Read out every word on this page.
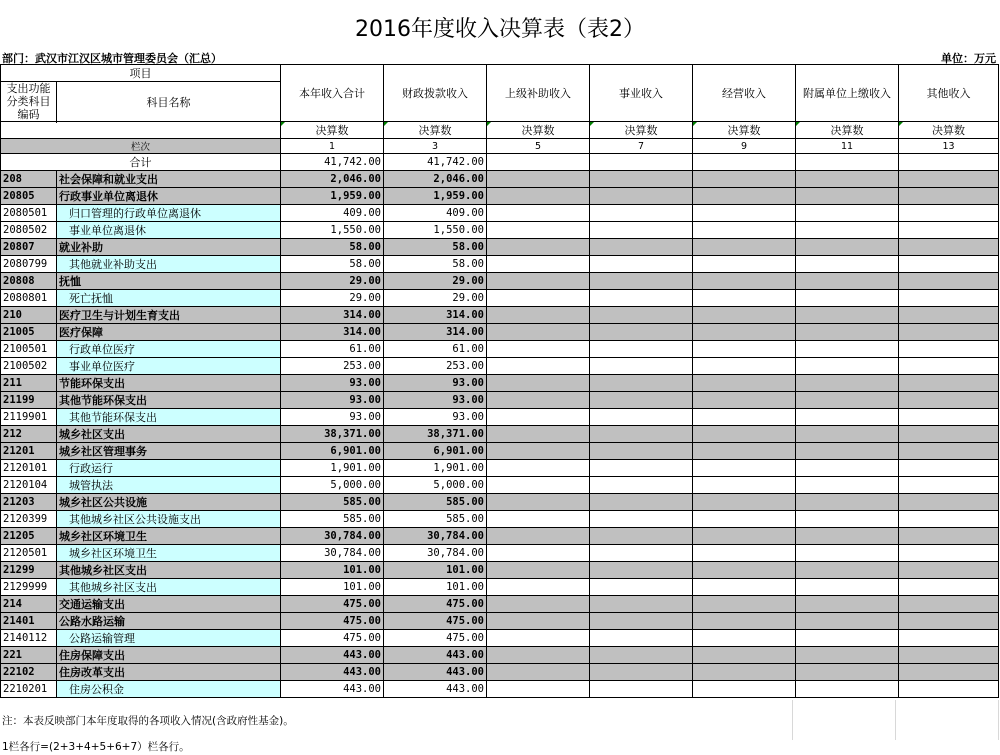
2016年度收入决算表（表2）
部门：武汉市江汉区城市管理委员会（汇总）	单位：万元
项目		本年收入合计	财政拨款收入	上级补助收入	事业收入	经营收入	附属单位上缴收入	其他收入
支出功能分类科目编码	科目名称							

		决算数	决算数	决算数	决算数	决算数	决算数	决算数
栏次		1	3	5	7	9	11	13
合计		41,742.00	41,742.00					
208	社会保障和就业支出	2,046.00	2,046.00					
20805	行政事业单位离退休	1,959.00	1,959.00					
2080501	归口管理的行政单位离退休	409.00	409.00					
2080502	事业单位离退休	1,550.00	1,550.00					
20807	就业补助	58.00	58.00					
2080799	其他就业补助支出	58.00	58.00					
20808	抚恤	29.00	29.00					
2080801	死亡抚恤	29.00	29.00					
210	医疗卫生与计划生育支出	314.00	314.00					
21005	医疗保障	314.00	314.00					
2100501	行政单位医疗	61.00	61.00					
2100502	事业单位医疗	253.00	253.00					
211	节能环保支出	93.00	93.00					
21199	其他节能环保支出	93.00	93.00					
2119901	其他节能环保支出	93.00	93.00					
212	城乡社区支出	38,371.00	38,371.00					
21201	城乡社区管理事务	6,901.00	6,901.00					
2120101	行政运行	1,901.00	1,901.00					
2120104	城管执法	5,000.00	5,000.00					
21203	城乡社区公共设施	585.00	585.00					
2120399	其他城乡社区公共设施支出	585.00	585.00					
21205	城乡社区环境卫生	30,784.00	30,784.00					
2120501	城乡社区环境卫生	30,784.00	30,784.00					
21299	其他城乡社区支出	101.00	101.00					
2129999	其他城乡社区支出	101.00	101.00					
214	交通运输支出	475.00	475.00					
21401	公路水路运输	475.00	475.00					
2140112	公路运输管理	475.00	475.00					
221	住房保障支出	443.00	443.00					
22102	住房改革支出	443.00	443.00					
2210201	住房公积金	443.00	443.00					
注：本表反映部门本年度取得的各项收入情况(含政府性基金)。
1栏各行=(2+3+4+5+6+7）栏各行。
